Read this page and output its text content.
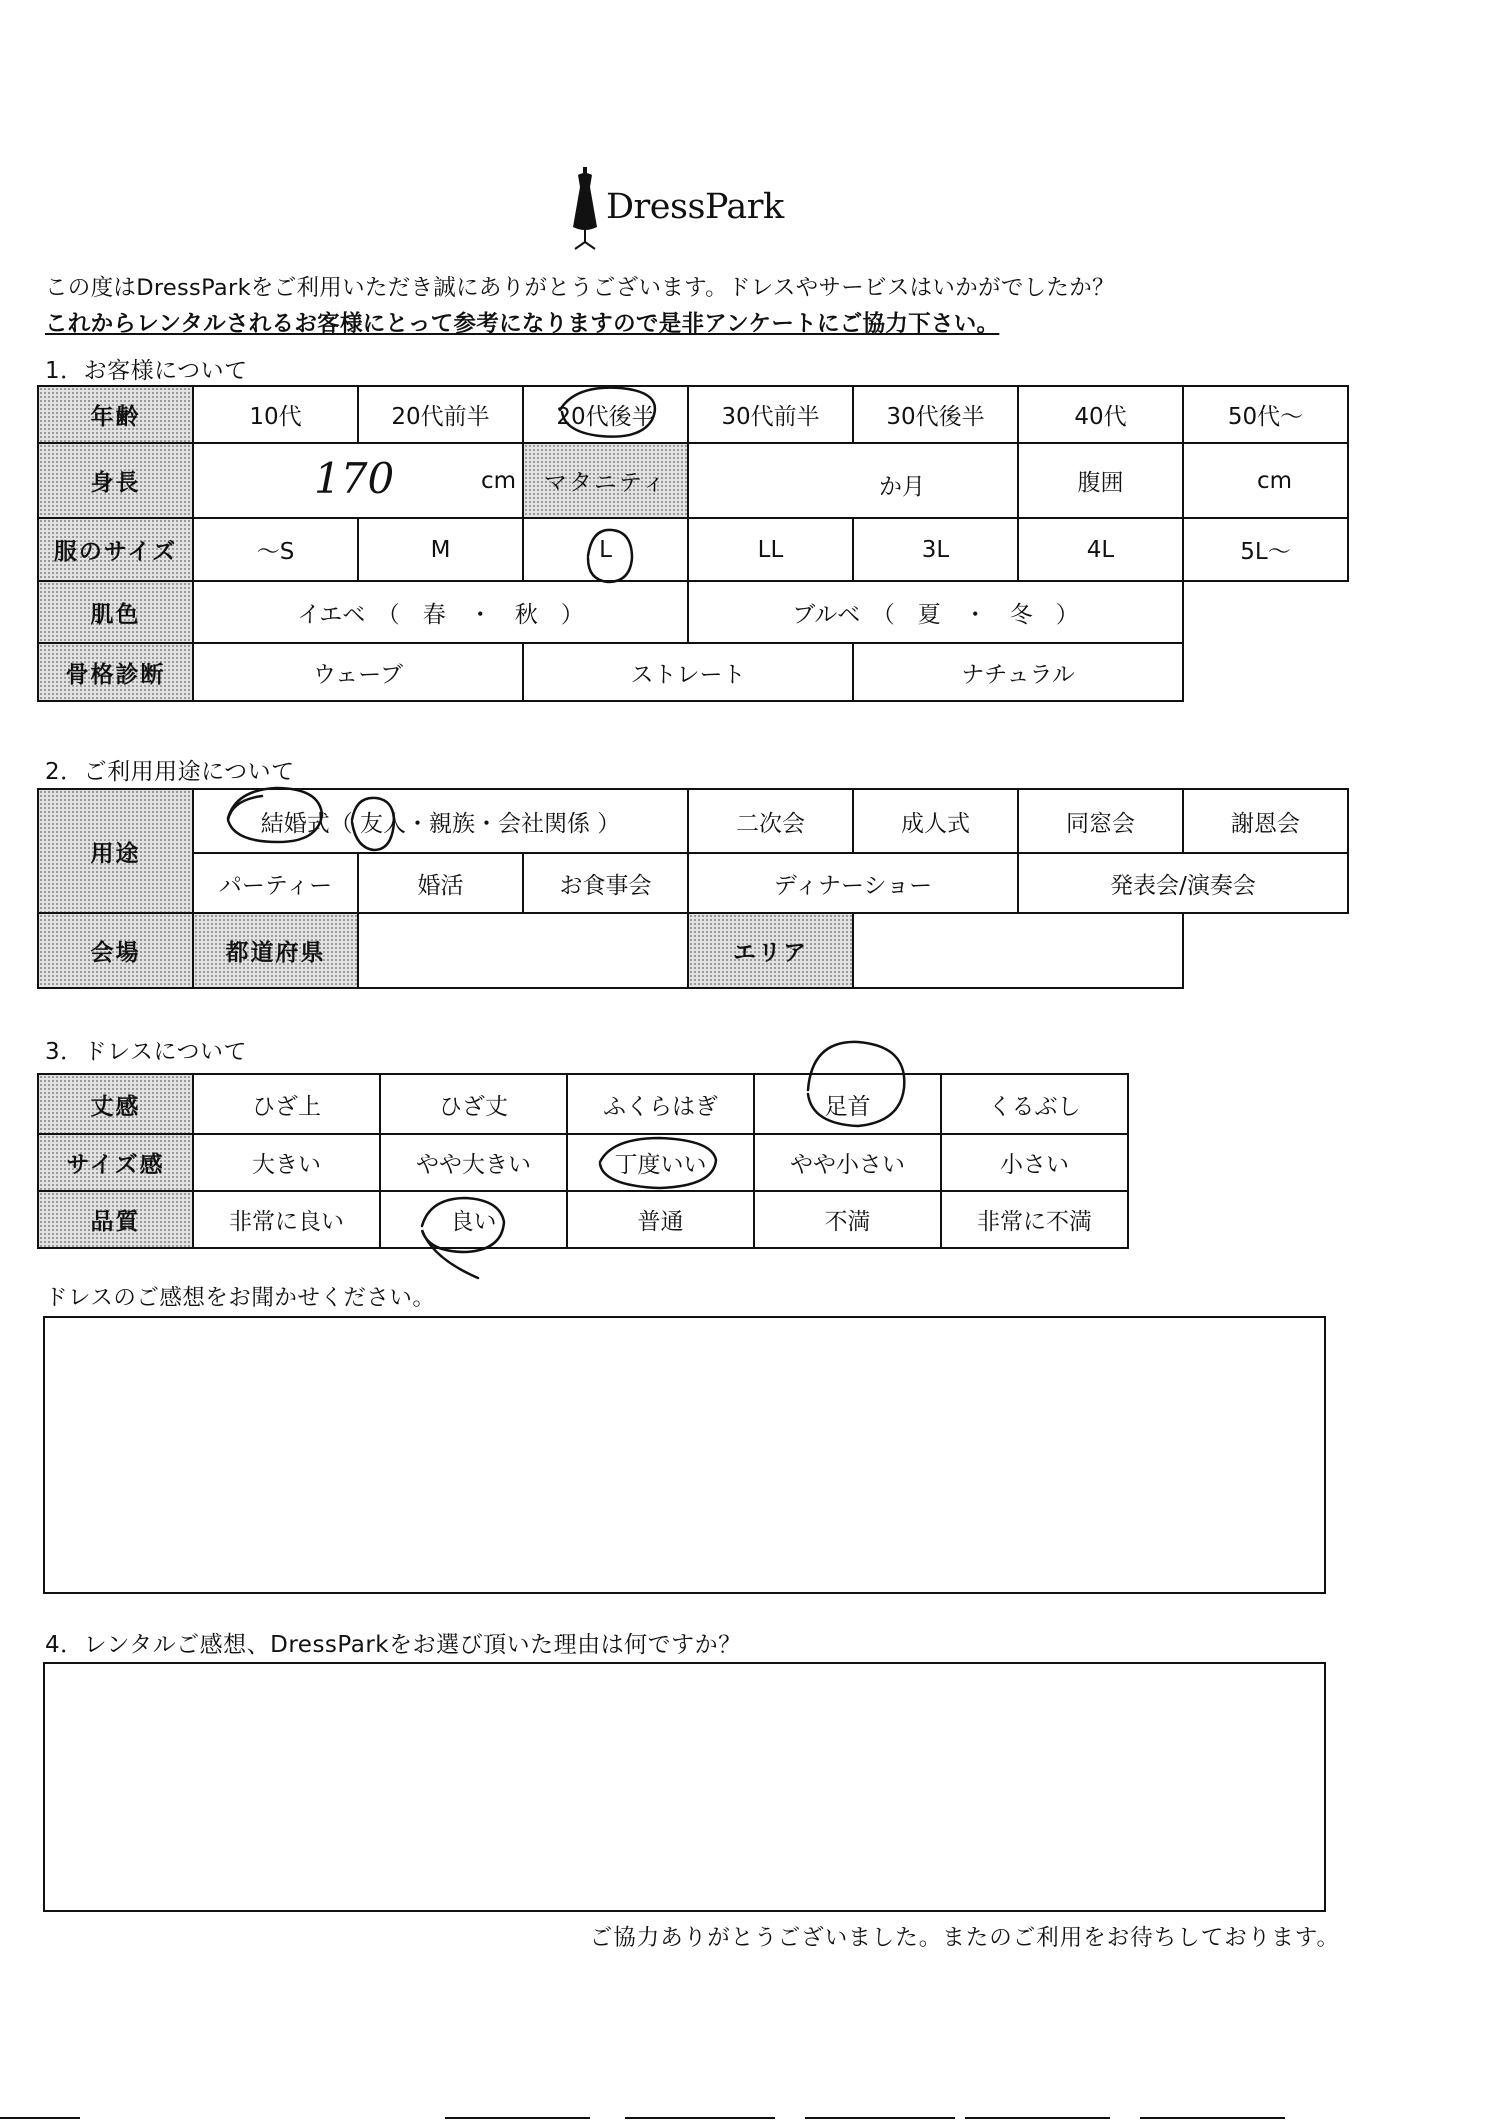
DressPark
この度はDressParkをご利用いただき誠にありがとうございます。ドレスやサービスはいかがでしたか？
これからレンタルされるお客様にとって参考になりますので是非アンケートにご協力下さい。
1．お客様について
年齢	10代	20代前半	20代後半	30代前半	30代後半	40代	50代～
身長	170 cm		マタニティ	か月		腹囲	cm
服のサイズ	～S	M	L	LL	3L	4L	5L～
肌色	イエベ　（　春　・　秋　）			ブルベ　（　夏　・　冬　）			
骨格診断	ウェーブ		ストレート		ナチュラル		
2．ご利用用途について
用途	結婚式（ 友人・親族・会社関係 ）			二次会	成人式	同窓会	謝恩会
	パーティー	婚活	お食事会	ディナーショー		発表会/演奏会	
会場	都道府県			エリア			
3．ドレスについて
丈感	ひざ上	ひざ丈	ふくらはぎ	足首	くるぶし
サイズ感	大きい	やや大きい	丁度いい	やや小さい	小さい
品質	非常に良い	良い	普通	不満	非常に不満
ドレスのご感想をお聞かせください。
4．レンタルご感想、DressParkをお選び頂いた理由は何ですか？
ご協力ありがとうございました。またのご利用をお待ちしております。
